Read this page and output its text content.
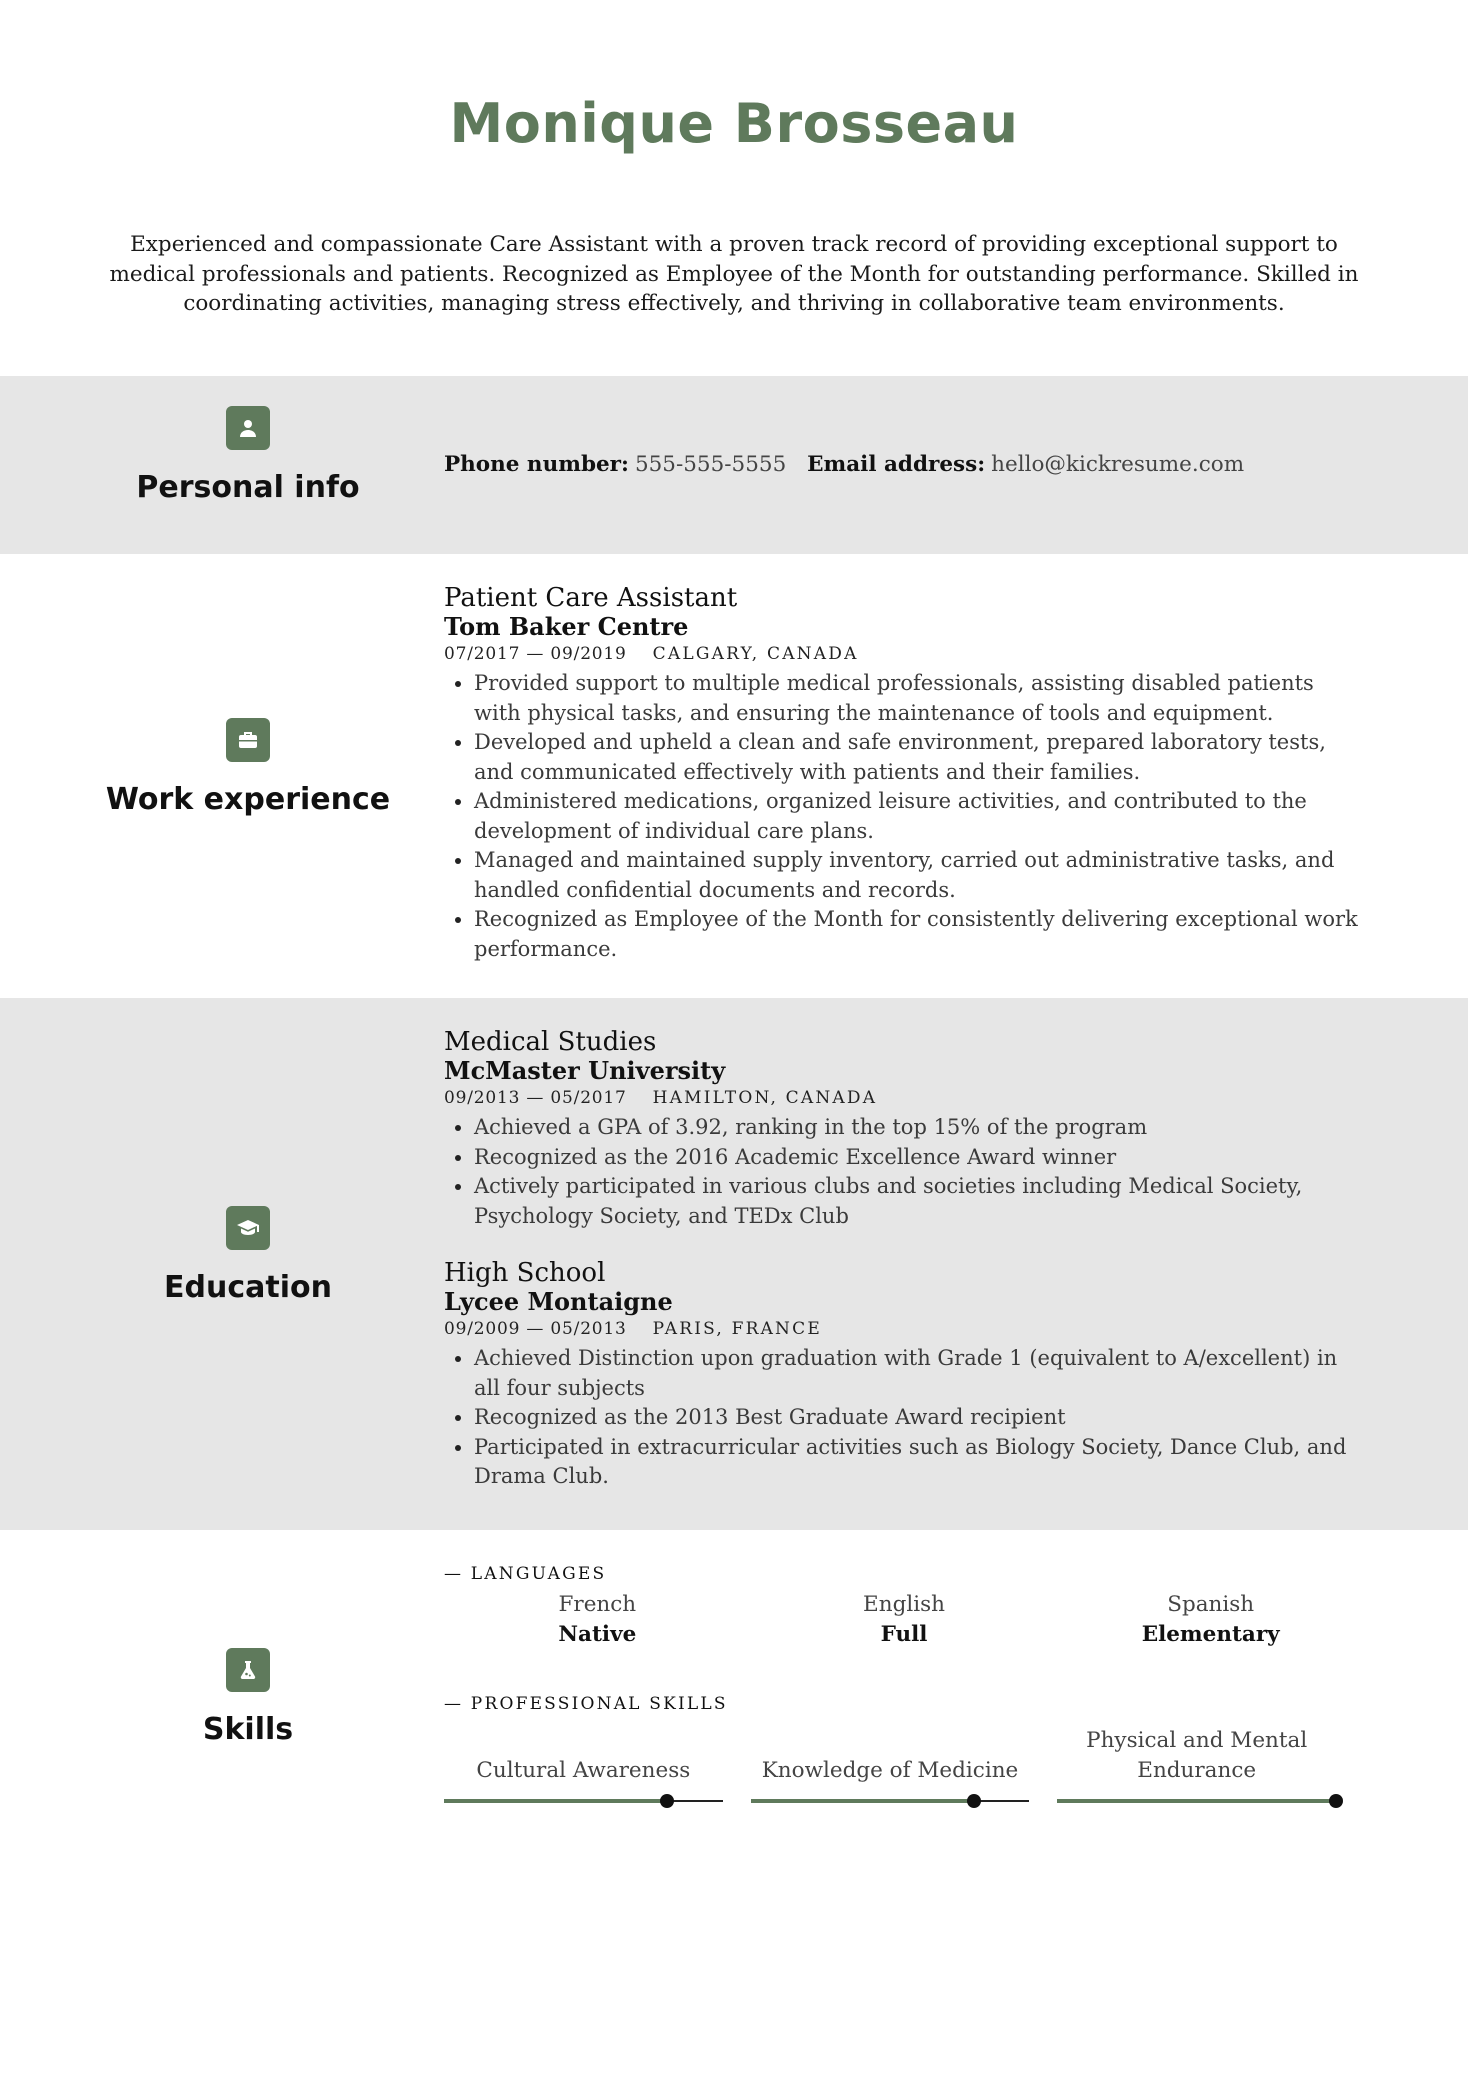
Monique Brosseau
Experienced and compassionate Care Assistant with a proven track record of providing exceptional support to medical professionals and patients. Recognized as Employee of the Month for outstanding performance. Skilled in coordinating activities, managing stress effectively, and thriving in collaborative team environments.
Personal info
Phone number: 555-555-5555 Email address: hello@kickresume.com
Work experience
Patient Care Assistant
Tom Baker Centre
07/2017 — 09/2019 CALGARY, CANADA
• Provided support to multiple medical professionals, assisting disabled patients with physical tasks, and ensuring the maintenance of tools and equipment.
• Developed and upheld a clean and safe environment, prepared laboratory tests, and communicated effectively with patients and their families.
• Administered medications, organized leisure activities, and contributed to the development of individual care plans.
• Managed and maintained supply inventory, carried out administrative tasks, and handled confidential documents and records.
• Recognized as Employee of the Month for consistently delivering exceptional work performance.
Education
Medical Studies
McMaster University
09/2013 — 05/2017 HAMILTON, CANADA
• Achieved a GPA of 3.92, ranking in the top 15% of the program
• Recognized as the 2016 Academic Excellence Award winner
• Actively participated in various clubs and societies including Medical Society, Psychology Society, and TEDx Club
High School
Lycee Montaigne
09/2009 — 05/2013 PARIS, FRANCE
• Achieved Distinction upon graduation with Grade 1 (equivalent to A/excellent) in all four subjects
• Recognized as the 2013 Best Graduate Award recipient
• Participated in extracurricular activities such as Biology Society, Dance Club, and Drama Club.
Skills
— LANGUAGES
French
Native
English
Full
Spanish
Elementary
— PROFESSIONAL SKILLS
Cultural Awareness	Knowledge of Medicine
Physical and Mental Endurance
